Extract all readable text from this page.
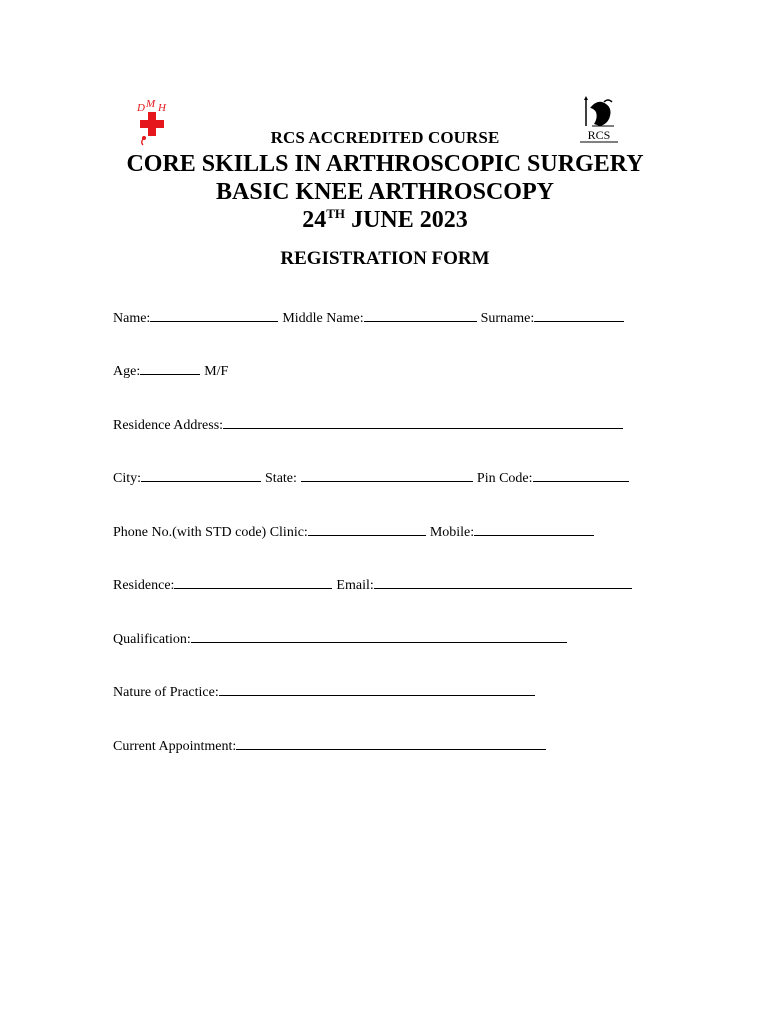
D M H
RCS
RCS ACCREDITED COURSE
CORE SKILLS IN ARTHROSCOPIC SURGERY
BASIC KNEE ARTHROSCOPY
24TH JUNE 2023
REGISTRATION FORM
Name:	Middle Name:	Surname:
Age:	M/F
Residence Address:
City:	State:	Pin Code:
Phone No.(with STD code) Clinic:	Mobile:
Residence:	Email:
Qualification:
Nature of Practice:
Current Appointment:
